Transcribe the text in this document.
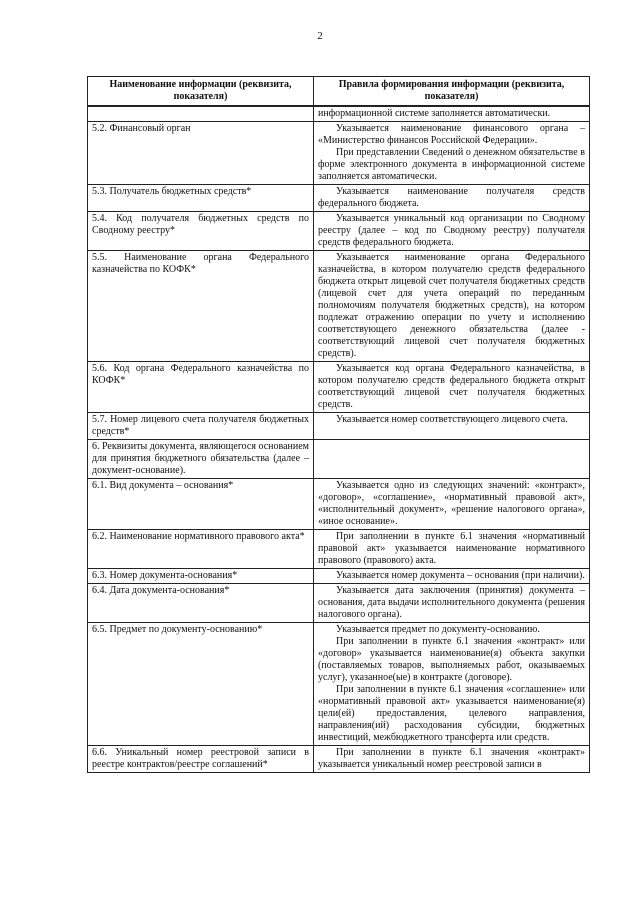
2
Наименование информации (реквизита, показателя)	Правила формирования информации (реквизита, показателя)

	информационной системе заполняется автоматически.

5.2. Финансовый орган	Указывается наименование финансового органа – «Министерство финансов Российской Федерации».

При представлении Сведений о денежном обязательстве в форме электронного документа в информационной системе заполняется автоматически.

5.3. Получатель бюджетных средств*	Указывается наименование получателя средств федерального бюджета.

5.4. Код получателя бюджетных средств по Сводному реестру*	Указывается уникальный код организации по Сводному реестру (далее – код по Сводному реестру) получателя средств федерального бюджета.

5.5. Наименование органа Федерального казначейства по КОФК*	Указывается наименование органа Федерального казначейства, в котором получателю средств федерального бюджета открыт лицевой счет получателя бюджетных средств (лицевой счет для учета операций по переданным полномочиям получателя бюджетных средств), на котором подлежат отражению операции по учету и исполнению соответствующего денежного обязательства (далее - соответствующий лицевой счет получателя бюджетных средств).

5.6. Код органа Федерального казначейства по КОФК*	Указывается код органа Федерального казначейства, в котором получателю средств федерального бюджета открыт соответствующий лицевой счет получателя бюджетных средств.

5.7. Номер лицевого счета получателя бюджетных средств*	Указывается номер соответствующего лицевого счета.

6. Реквизиты документа, являющегося основанием для принятия бюджетного обязательства (далее – документ-основание).	
6.1. Вид документа – основания*	Указывается одно из следующих значений: «контракт», «договор», «соглашение», «нормативный правовой акт», «исполнительный документ», «решение налогового органа», «иное основание».

6.2. Наименование нормативного правового акта*	При заполнении в пункте 6.1 значения «нормативный правовой акт» указывается наименование нормативного правового (правового) акта.

6.3. Номер документа-основания*	Указывается номер документа – основания (при наличии).

6.4. Дата документа-основания*	Указывается дата заключения (принятия) документа – основания, дата выдачи исполнительного документа (решения налогового органа).

6.5. Предмет по документу-основанию*	Указывается предмет по документу-основанию.

При заполнении в пункте 6.1 значения «контракт» или «договор» указывается наименование(я) объекта закупки (поставляемых товаров, выполняемых работ, оказываемых услуг), указанное(ые) в контракте (договоре).

При заполнении в пункте 6.1 значения «соглашение» или «нормативный правовой акт» указывается наименование(я) цели(ей) предоставления, целевого направления, направления(ий) расходования субсидии, бюджетных инвестиций, межбюджетного трансферта или средств.

6.6. Уникальный номер реестровой записи в реестре контрактов/реестре соглашений*	При заполнении в пункте 6.1 значения «контракт» указывается уникальный номер реестровой записи в
